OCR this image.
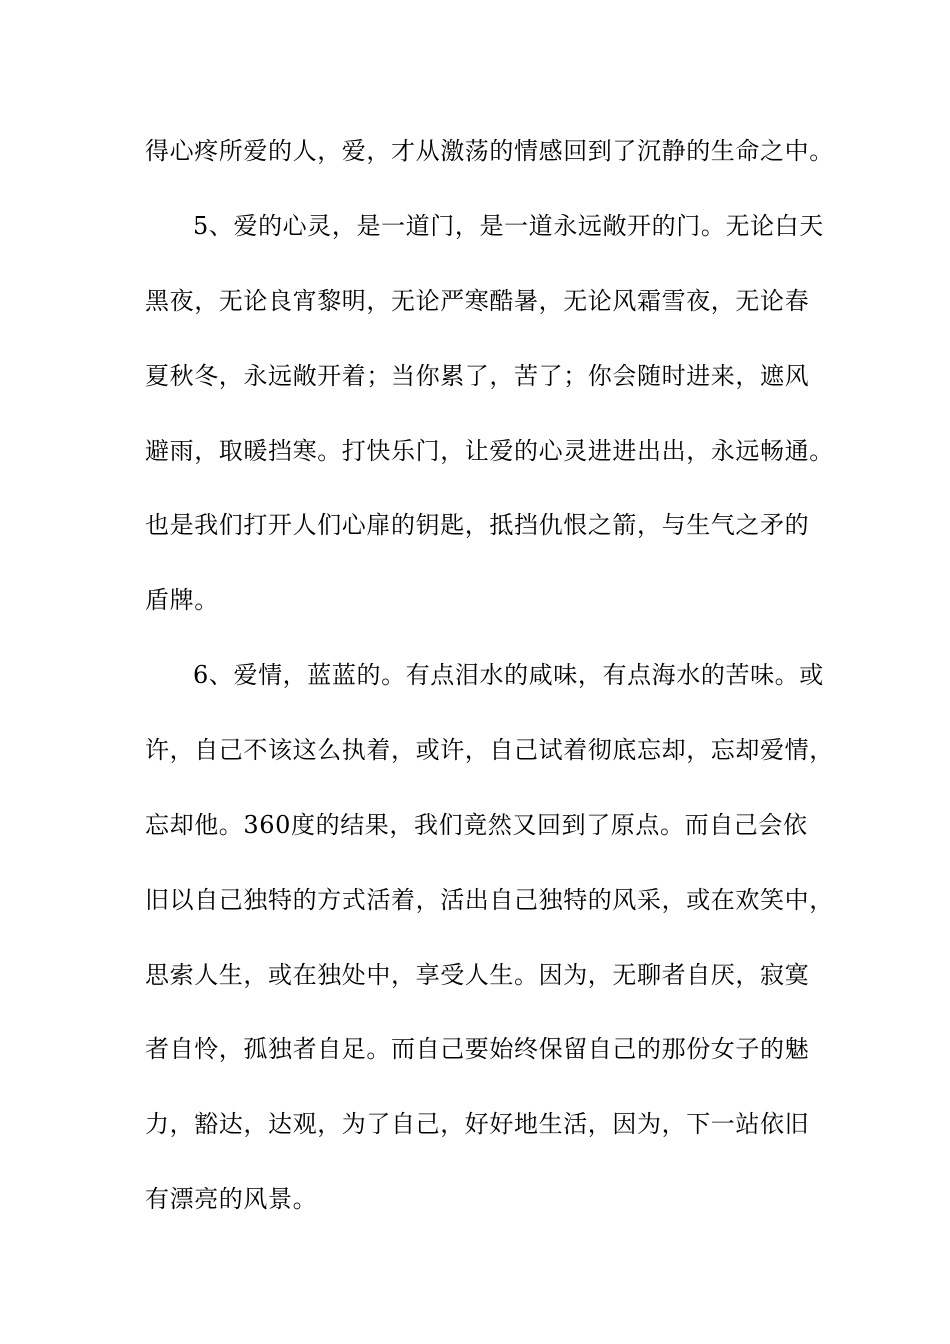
得心疼所爱的人，爱，才从激荡的情感回到了沉静的生命之中。
5、爱的心灵，是一道门，是一道永远敞开的门。无论白天
黑夜，无论良宵黎明，无论严寒酷暑，无论风霜雪夜，无论春
夏秋冬，永远敞开着；当你累了，苦了；你会随时进来，遮风
避雨，取暖挡寒。打快乐门，让爱的心灵进进出出，永远畅通。
也是我们打开人们心扉的钥匙，抵挡仇恨之箭，与生气之矛的
盾牌。
6、爱情，蓝蓝的。有点泪水的咸味，有点海水的苦味。或
许，自己不该这么执着，或许，自己试着彻底忘却，忘却爱情，
忘却他。360度的结果，我们竟然又回到了原点。而自己会依
旧以自己独特的方式活着，活出自己独特的风采，或在欢笑中，
思索人生，或在独处中，享受人生。因为，无聊者自厌，寂寞
者自怜，孤独者自足。而自己要始终保留自己的那份女子的魅
力，豁达，达观，为了自己，好好地生活，因为，下一站依旧
有漂亮的风景。
